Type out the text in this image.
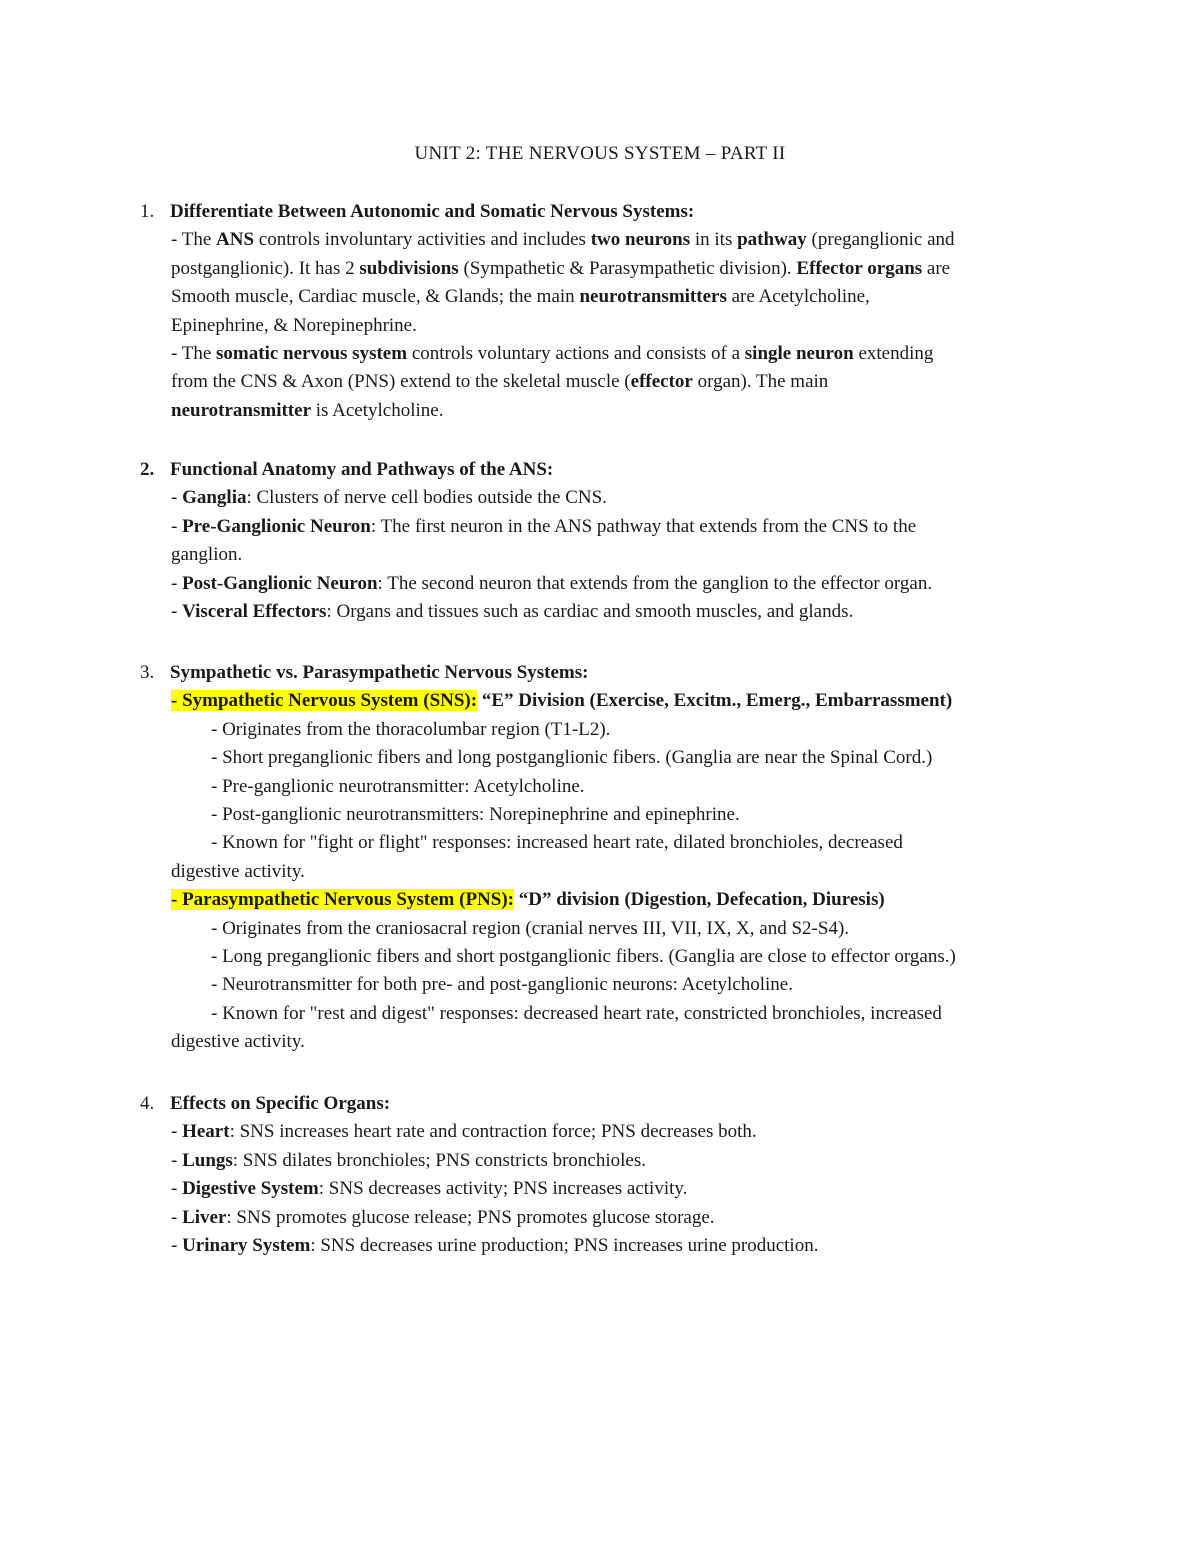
UNIT 2: THE NERVOUS SYSTEM – PART II
1. Differentiate Between Autonomic and Somatic Nervous Systems:
- The ANS controls involuntary activities and includes two neurons in its pathway (preganglionic and
postganglionic). It has 2 subdivisions (Sympathetic & Parasympathetic division). Effector organs are
Smooth muscle, Cardiac muscle, & Glands; the main neurotransmitters are Acetylcholine,
Epinephrine, & Norepinephrine.
- The somatic nervous system controls voluntary actions and consists of a single neuron extending
from the CNS & Axon (PNS) extend to the skeletal muscle (effector organ). The main
neurotransmitter is Acetylcholine.
2. Functional Anatomy and Pathways of the ANS:
- Ganglia: Clusters of nerve cell bodies outside the CNS.
- Pre-Ganglionic Neuron: The first neuron in the ANS pathway that extends from the CNS to the
ganglion.
- Post-Ganglionic Neuron: The second neuron that extends from the ganglion to the effector organ.
- Visceral Effectors: Organs and tissues such as cardiac and smooth muscles, and glands.
3. Sympathetic vs. Parasympathetic Nervous Systems:
- Sympathetic Nervous System (SNS): “E” Division (Exercise, Excitm., Emerg., Embarrassment)
- Originates from the thoracolumbar region (T1-L2).
- Short preganglionic fibers and long postganglionic fibers. (Ganglia are near the Spinal Cord.)
- Pre-ganglionic neurotransmitter: Acetylcholine.
- Post-ganglionic neurotransmitters: Norepinephrine and epinephrine.
- Known for "fight or flight" responses: increased heart rate, dilated bronchioles, decreased
digestive activity.
- Parasympathetic Nervous System (PNS): “D” division (Digestion, Defecation, Diuresis)
- Originates from the craniosacral region (cranial nerves III, VII, IX, X, and S2-S4).
- Long preganglionic fibers and short postganglionic fibers. (Ganglia are close to effector organs.)
- Neurotransmitter for both pre- and post-ganglionic neurons: Acetylcholine.
- Known for "rest and digest" responses: decreased heart rate, constricted bronchioles, increased
digestive activity.
4. Effects on Specific Organs:
- Heart: SNS increases heart rate and contraction force; PNS decreases both.
- Lungs: SNS dilates bronchioles; PNS constricts bronchioles.
- Digestive System: SNS decreases activity; PNS increases activity.
- Liver: SNS promotes glucose release; PNS promotes glucose storage.
- Urinary System: SNS decreases urine production; PNS increases urine production.
